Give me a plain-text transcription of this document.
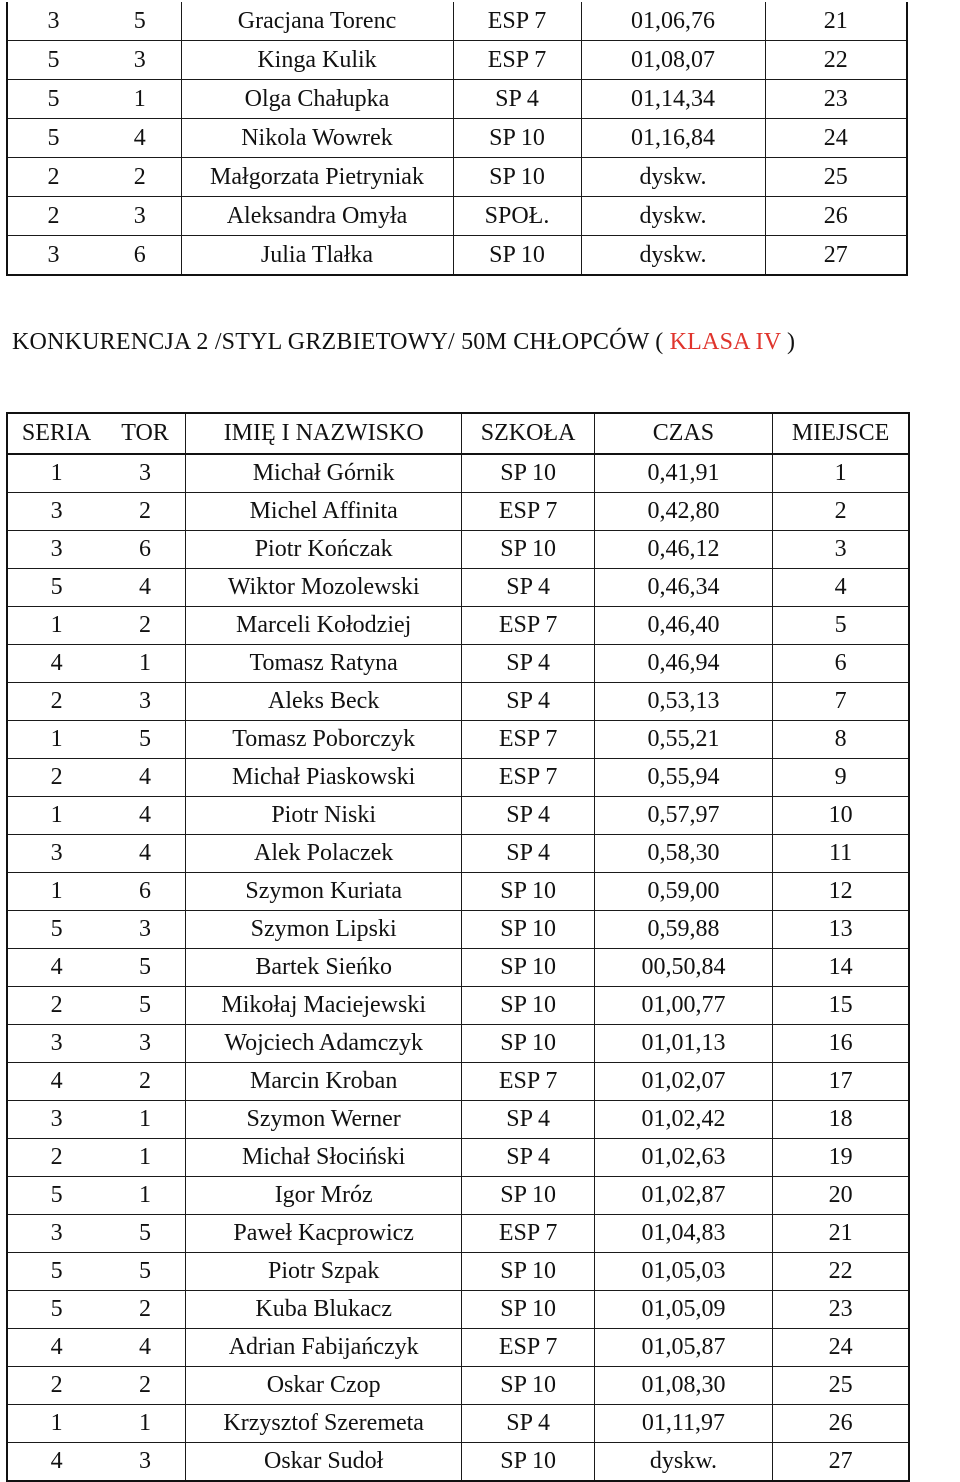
3	5	Gracjana Torenc	ESP 7	01,06,76	21
5	3	Kinga Kulik	ESP 7	01,08,07	22
5	1	Olga Chałupka	SP 4	01,14,34	23
5	4	Nikola Wowrek	SP 10	01,16,84	24
2	2	Małgorzata Pietryniak	SP 10	dyskw.	25
2	3	Aleksandra Omyła	SPOŁ.	dyskw.	26
3	6	Julia Tlałka	SP 10	dyskw.	27
KONKURENCJA 2 /STYL GRZBIETOWY/ 50M CHŁOPCÓW ( KLASA IV )
SERIA	TOR	IMIĘ I NAZWISKO	SZKOŁA	CZAS	MIEJSCE
1	3	Michał Górnik	SP 10	0,41,91	1
3	2	Michel Affinita	ESP 7	0,42,80	2
3	6	Piotr Kończak	SP 10	0,46,12	3
5	4	Wiktor Mozolewski	SP 4	0,46,34	4
1	2	Marceli Kołodziej	ESP 7	0,46,40	5
4	1	Tomasz Ratyna	SP 4	0,46,94	6
2	3	Aleks Beck	SP 4	0,53,13	7
1	5	Tomasz Poborczyk	ESP 7	0,55,21	8
2	4	Michał Piaskowski	ESP 7	0,55,94	9
1	4	Piotr Niski	SP 4	0,57,97	10
3	4	Alek Polaczek	SP 4	0,58,30	11
1	6	Szymon Kuriata	SP 10	0,59,00	12
5	3	Szymon Lipski	SP 10	0,59,88	13
4	5	Bartek Sieńko	SP 10	00,50,84	14
2	5	Mikołaj Maciejewski	SP 10	01,00,77	15
3	3	Wojciech Adamczyk	SP 10	01,01,13	16
4	2	Marcin Kroban	ESP 7	01,02,07	17
3	1	Szymon Werner	SP 4	01,02,42	18
2	1	Michał Słociński	SP 4	01,02,63	19
5	1	Igor Mróz	SP 10	01,02,87	20
3	5	Paweł Kacprowicz	ESP 7	01,04,83	21
5	5	Piotr Szpak	SP 10	01,05,03	22
5	2	Kuba Blukacz	SP 10	01,05,09	23
4	4	Adrian Fabijańczyk	ESP 7	01,05,87	24
2	2	Oskar Czop	SP 10	01,08,30	25
1	1	Krzysztof Szeremeta	SP 4	01,11,97	26
4	3	Oskar Sudoł	SP 10	dyskw.	27
